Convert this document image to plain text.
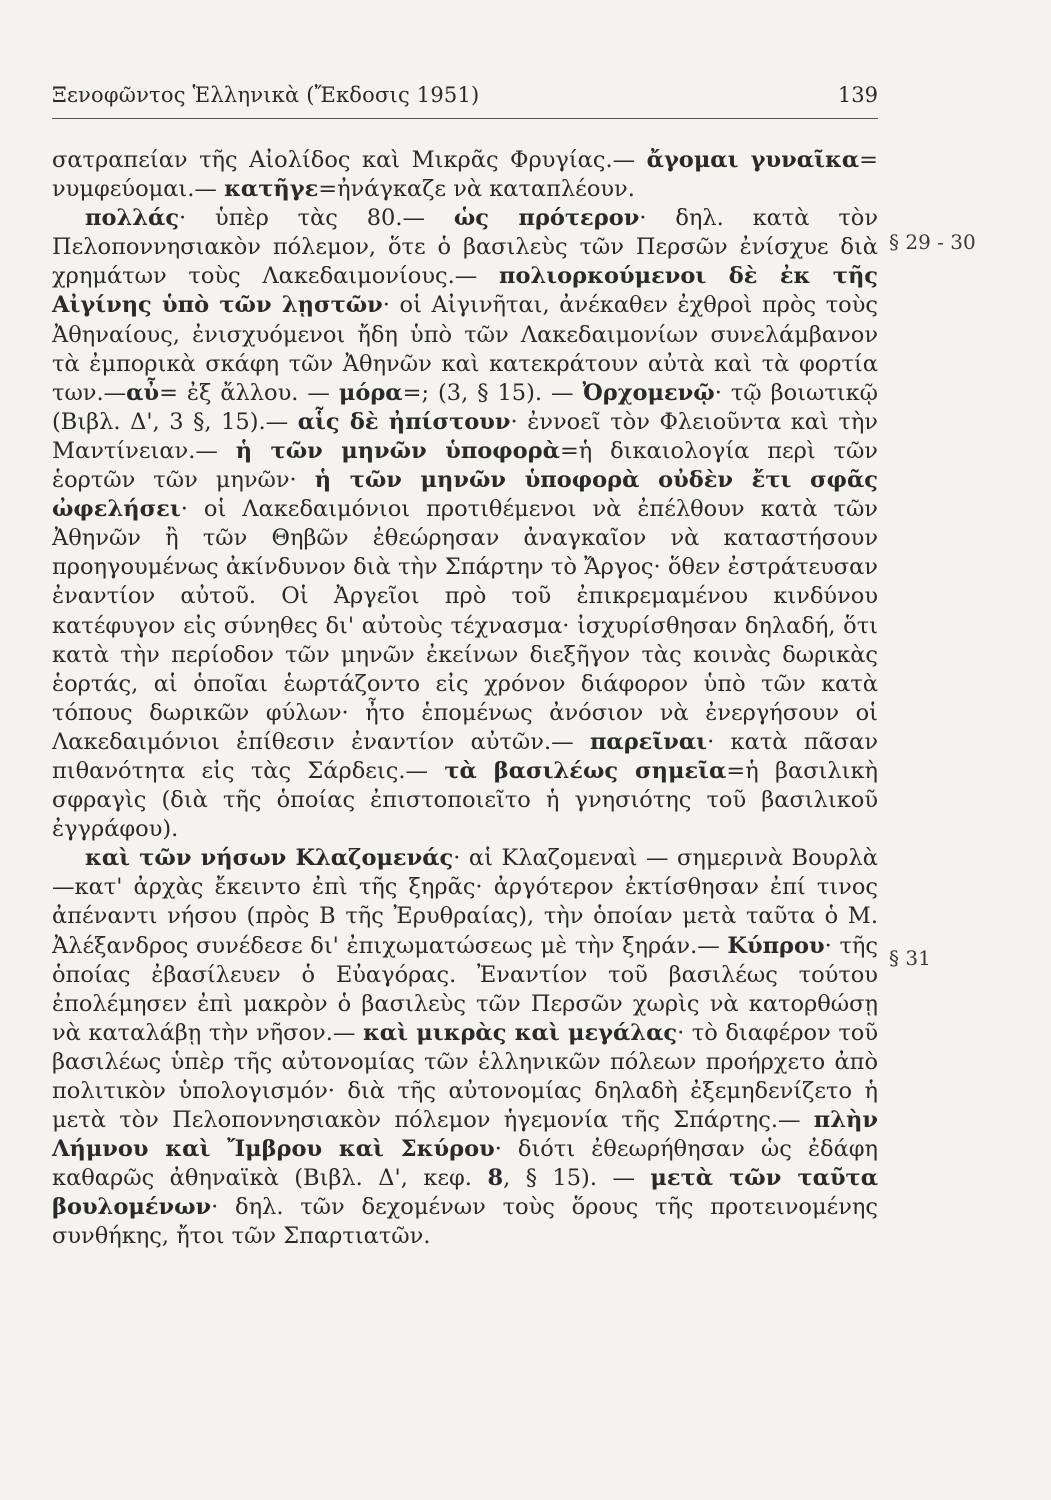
Ξενοφῶντος Ἑλληνικὰ (Ἔκδοσις 1951)	139

σατραπείαν τῆς Αἰολίδος καὶ Μικρᾶς Φρυγίας.— ἄγομαι γυναῖκα= νυμφεύομαι.— κατῆγε=ἠνάγκαζε νὰ καταπλέουν.

πολλάς· ὑπὲρ τὰς 80.— ὡς πρότερον· δηλ. κατὰ τὸν Πελοποννησιακὸν πόλεμον, ὅτε ὁ βασιλεὺς τῶν Περσῶν ἐνίσχυε διὰ χρημάτων τοὺς Λακεδαιμονίους.— πολιορκούμενοι δὲ ἐκ τῆς Αἰγίνης ὑπὸ τῶν λῃστῶν· οἱ Αἰγινῆται, ἀνέκαθεν ἐχθροὶ πρὸς τοὺς Ἀθηναίους, ἐνισχυόμενοι ἤδη ὑπὸ τῶν Λακεδαιμονίων συνελάμβανον τὰ ἐμπορικὰ σκάφη τῶν Ἀθηνῶν καὶ κατεκράτουν αὐτὰ καὶ τὰ φορτία των.—αὖ= ἐξ ἄλλου. — μόρα=; (3, § 15). — Ὀρχομενῷ· τῷ βοιωτικῷ (Βιβλ. Δ', 3 §, 15).— αἷς δὲ ἠπίστουν· ἐννοεῖ τὸν Φλειοῦντα καὶ τὴν Μαντίνειαν.— ἡ τῶν μηνῶν ὑποφορὰ=ἡ δικαιολογία περὶ τῶν ἑορτῶν τῶν μηνῶν· ἡ τῶν μηνῶν ὑποφορὰ οὐδὲν ἔτι σφᾶς ὠφελήσει· οἱ Λακεδαιμόνιοι προτιθέμενοι νὰ ἐπέλθουν κατὰ τῶν Ἀθηνῶν ἢ τῶν Θηβῶν ἐθεώρησαν ἀναγκαῖον νὰ καταστήσουν προηγουμένως ἀκίνδυνον διὰ τὴν Σπάρτην τὸ Ἄργος· ὅθεν ἐστράτευσαν ἐναντίον αὐτοῦ. Οἱ Ἀργεῖοι πρὸ τοῦ ἐπικρεμαμένου κινδύνου κατέφυγον εἰς σύνηθες δι' αὐτοὺς τέχνασμα· ἰσχυρίσθησαν δηλαδή, ὅτι κατὰ τὴν περίοδον τῶν μηνῶν ἐκείνων διεξῆγον τὰς κοινὰς δωρικὰς ἑορτάς, αἱ ὁποῖαι ἑωρτάζοντο εἰς χρόνον διάφορον ὑπὸ τῶν κατὰ τόπους δωρικῶν φύλων· ἦτο ἑπομένως ἀνόσιον νὰ ἐνεργήσουν οἱ Λακεδαιμόνιοι ἐπίθεσιν ἐναντίον αὐτῶν.— παρεῖναι· κατὰ πᾶσαν πιθανότητα εἰς τὰς Σάρδεις.— τὰ βασιλέως σημεῖα=ἡ βασιλικὴ σφραγὶς (διὰ τῆς ὁποίας ἐπιστοποιεῖτο ἡ γνησιότης τοῦ βασιλικοῦ ἐγγράφου).

καὶ τῶν νήσων Κλαζομενάς· αἱ Κλαζομεναὶ — σημερινὰ Βουρλὰ —κατ' ἀρχὰς ἔκειντο ἐπὶ τῆς ξηρᾶς· ἀργότερον ἐκτίσθησαν ἐπί τινος ἀπέναντι νήσου (πρὸς Β τῆς Ἐρυθραίας), τὴν ὁποίαν μετὰ ταῦτα ὁ Μ. Ἀλέξανδρος συνέδεσε δι' ἐπιχωματώσεως μὲ τὴν ξηράν.— Κύπρου· τῆς ὁποίας ἐβασίλευεν ὁ Εὐαγόρας. Ἐναντίον τοῦ βασιλέως τούτου ἐπολέμησεν ἐπὶ μακρὸν ὁ βασιλεὺς τῶν Περσῶν χωρὶς νὰ κατορθώσῃ νὰ καταλάβῃ τὴν νῆσον.— καὶ μικρὰς καὶ μεγάλας· τὸ διαφέρον τοῦ βασιλέως ὑπὲρ τῆς αὐτονομίας τῶν ἑλληνικῶν πόλεων προήρχετο ἀπὸ πολιτικὸν ὑπολογισμόν· διὰ τῆς αὐτονομίας δηλαδὴ ἐξεμηδενίζετο ἡ μετὰ τὸν Πελοποννησιακὸν πόλεμον ἡγεμονία τῆς Σπάρτης.— πλὴν Λήμνου καὶ Ἴμβρου καὶ Σκύρου· διότι ἐθεωρήθησαν ὡς ἐδάφη καθαρῶς ἀθηναϊκὰ (Βιβλ. Δ', κεφ. 8, § 15). — μετὰ τῶν ταῦτα βουλομένων· δηλ. τῶν δεχομένων τοὺς ὅρους τῆς προτεινομένης συνθήκης, ἤτοι τῶν Σπαρτιατῶν.

§ 29 - 30
§ 31
